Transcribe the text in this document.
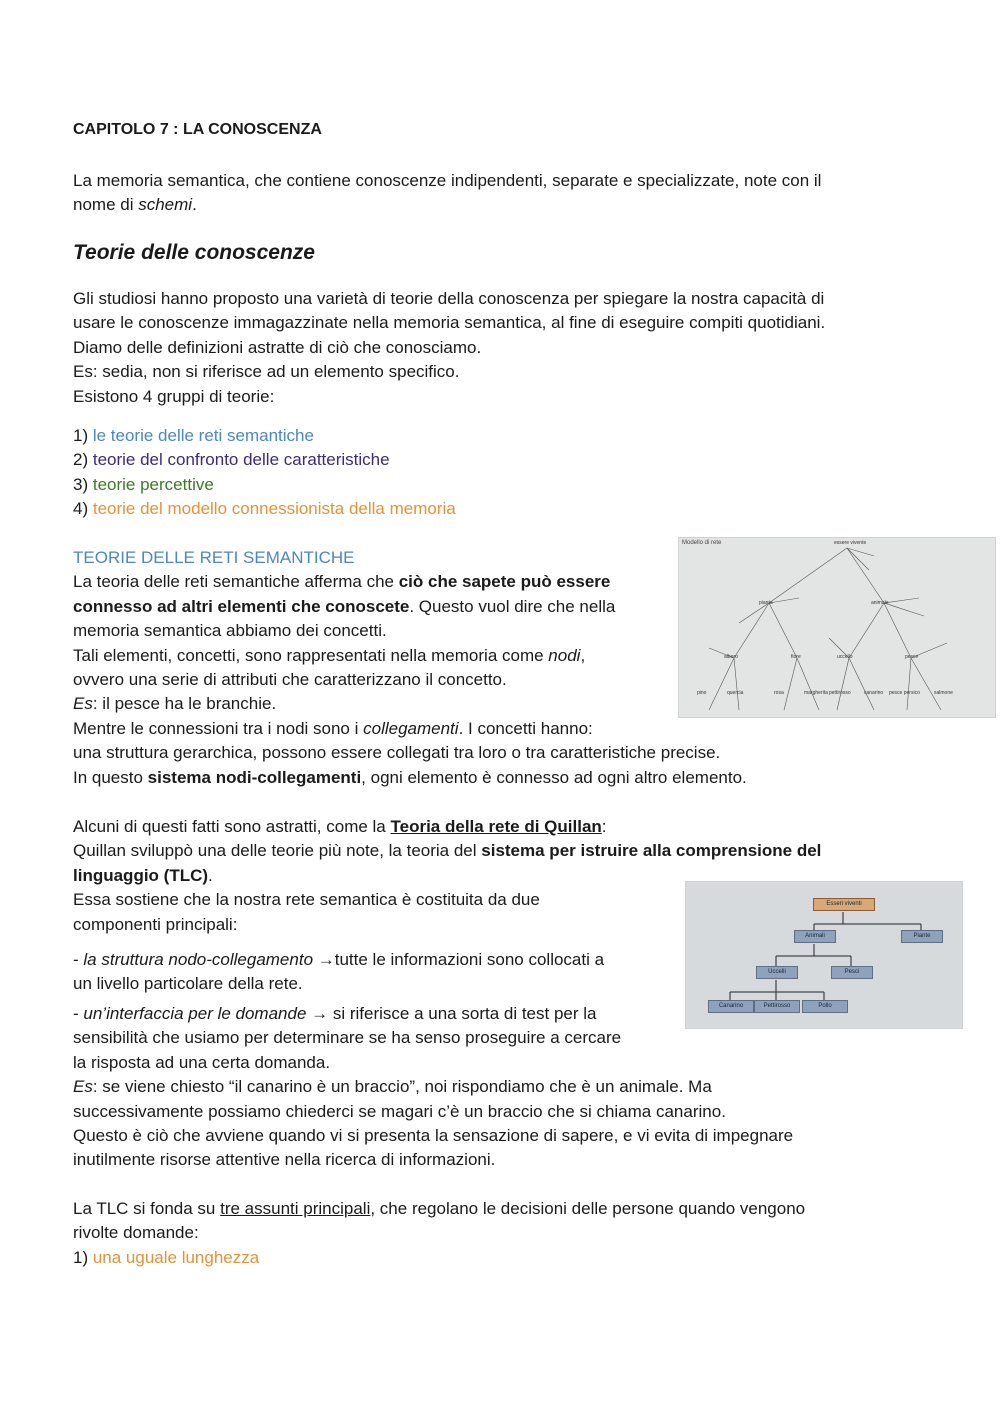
CAPITOLO 7 : LA CONOSCENZA
La memoria semantica, che contiene conoscenze indipendenti, separate e specializzate, note con il
nome di schemi.
Teorie delle conoscenze
Gli studiosi hanno proposto una varietà di teorie della conoscenza per spiegare la nostra capacità di
usare le conoscenze immagazzinate nella memoria semantica, al fine di eseguire compiti quotidiani.
Diamo delle definizioni astratte di ciò che conosciamo.
Es: sedia, non si riferisce ad un elemento specifico.
Esistono 4 gruppi di teorie:
1) le teorie delle reti semantiche
2) teorie del confronto delle caratteristiche
3) teorie percettive
4) teorie del modello connessionista della memoria
TEORIE DELLE RETI SEMANTICHE
La teoria delle reti semantiche afferma che ciò che sapete può essere
connesso ad altri elementi che conoscete. Questo vuol dire che nella
memoria semantica abbiamo dei concetti.
Tali elementi, concetti, sono rappresentati nella memoria come nodi,
ovvero una serie di attributi che caratterizzano il concetto.
Es: il pesce ha le branchie.
Mentre le connessioni tra i nodi sono i collegamenti. I concetti hanno:
una struttura gerarchica, possono essere collegati tra loro o tra caratteristiche precise.
In questo sistema nodi-collegamenti, ogni elemento è connesso ad ogni altro elemento.
Alcuni di questi fatti sono astratti, come la Teoria della rete di Quillan:
Quillan sviluppò una delle teorie più note, la teoria del sistema per istruire alla comprensione del
linguaggio (TLC).
Essa sostiene che la nostra rete semantica è costituita da due
componenti principali:
- la struttura nodo-collegamento →tutte le informazioni sono collocati a
un livello particolare della rete.
- un’interfaccia per le domande → si riferisce a una sorta di test per la
sensibilità che usiamo per determinare se ha senso proseguire a cercare
la risposta ad una certa domanda.
Es: se viene chiesto “il canarino è un braccio”, noi rispondiamo che è un animale. Ma
successivamente possiamo chiederci se magari c’è un braccio che si chiama canarino.
Questo è ciò che avviene quando vi si presenta la sensazione di sapere, e vi evita di impegnare
inutilmente risorse attentive nella ricerca di informazioni.
La TLC si fonda su tre assunti principali, che regolano le decisioni delle persone quando vengono
rivolte domande:
1) una uguale lunghezza
Modello di rete	essere vivente
pianta	animale
albero	fiore	uccello	pesce
pino	quercia	rosa	margherita pettirosso	canarino pesce persico	salmone
Esseri viventi
Animali	Piante
Uccelli	Pesci
Canarino	Pettirosso	Pollo
